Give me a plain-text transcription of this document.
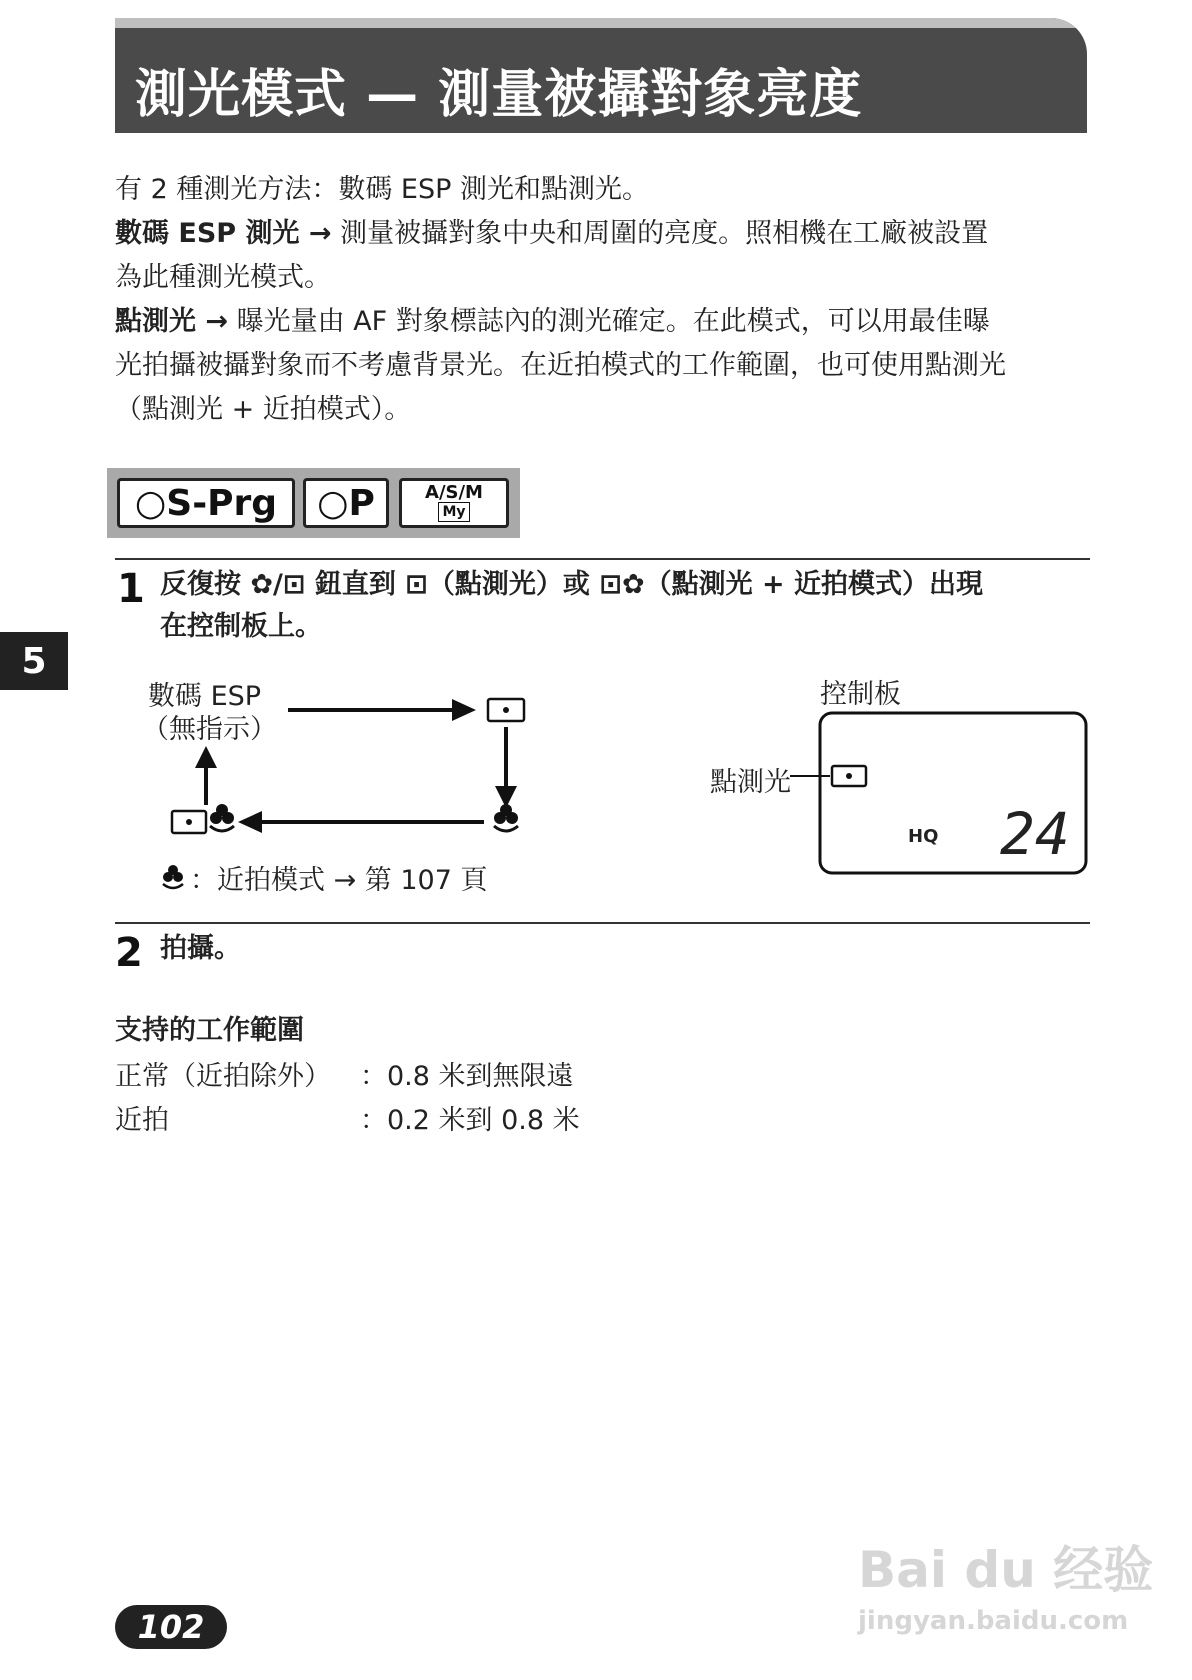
測光模式 — 測量被攝對象亮度
有 2 種測光方法：數碼 ESP 測光和點測光。
數碼 ESP 測光 → 測量被攝對象中央和周圍的亮度。照相機在工廠被設置
為此種測光模式。
點測光 → 曝光量由 AF 對象標誌內的測光確定。在此模式，可以用最佳曝
光拍攝被攝對象而不考慮背景光。在近拍模式的工作範圍，也可使用點測光
（點測光 + 近拍模式）。
○S-Prg	○P	A/S/M
My
1 反復按 ✿/⊡ 鈕直到 ⊡（點測光）或 ⊡✿（點測光 + 近拍模式）出現
在控制板上。
數碼 ESP
（無指示）
：近拍模式 → 第 107 頁
控制板
點測光
HQ 24
2 拍攝。
支持的工作範圍
正常（近拍除外） ：0.8 米到無限遠
近拍	：0.2 米到 0.8 米
5
102
Bai du 经验
jingyan.baidu.com
